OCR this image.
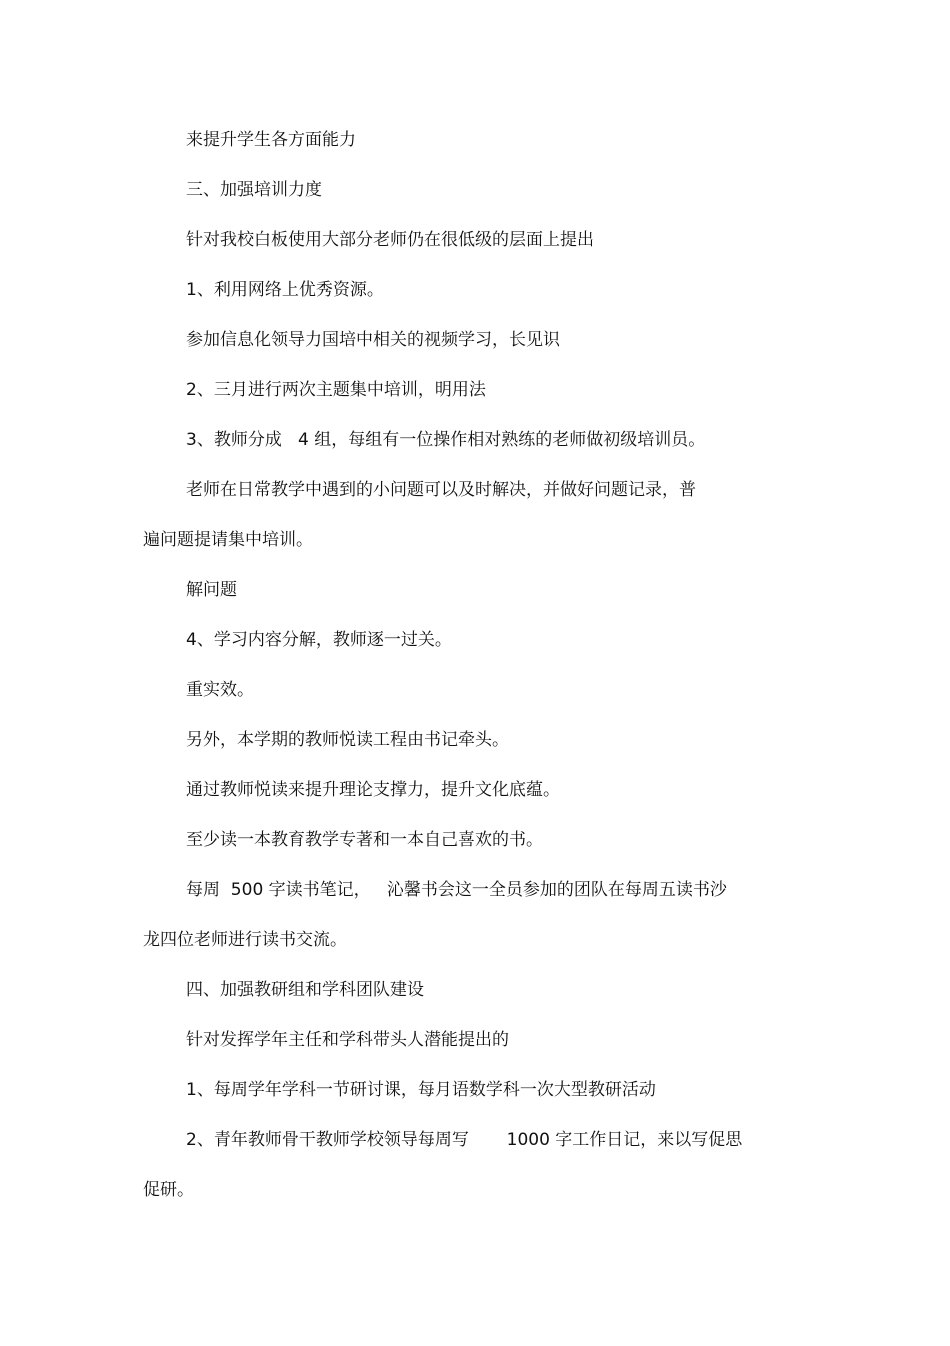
来提升学生各方面能力

三、加强培训力度

针对我校白板使用大部分老师仍在很低级的层面上提出

1、利用网络上优秀资源。

参加信息化领导力国培中相关的视频学习，长见识

2、三月进行两次主题集中培训，明用法

3、教师分成   4 组，每组有一位操作相对熟练的老师做初级培训员。

老师在日常教学中遇到的小问题可以及时解决，并做好问题记录，普

遍问题提请集中培训。

解问题

4、学习内容分解，教师逐一过关。

重实效。

另外，本学期的教师悦读工程由书记牵头。

通过教师悦读来提升理论支撑力，提升文化底蕴。

至少读一本教育教学专著和一本自己喜欢的书。

每周  500 字读书笔记，   沁馨书会这一全员参加的团队在每周五读书沙

龙四位老师进行读书交流。

四、加强教研组和学科团队建设

针对发挥学年主任和学科带头人潜能提出的

1、每周学年学科一节研讨课，每月语数学科一次大型教研活动

2、青年教师骨干教师学校领导每周写       1000 字工作日记，来以写促思

促研。
